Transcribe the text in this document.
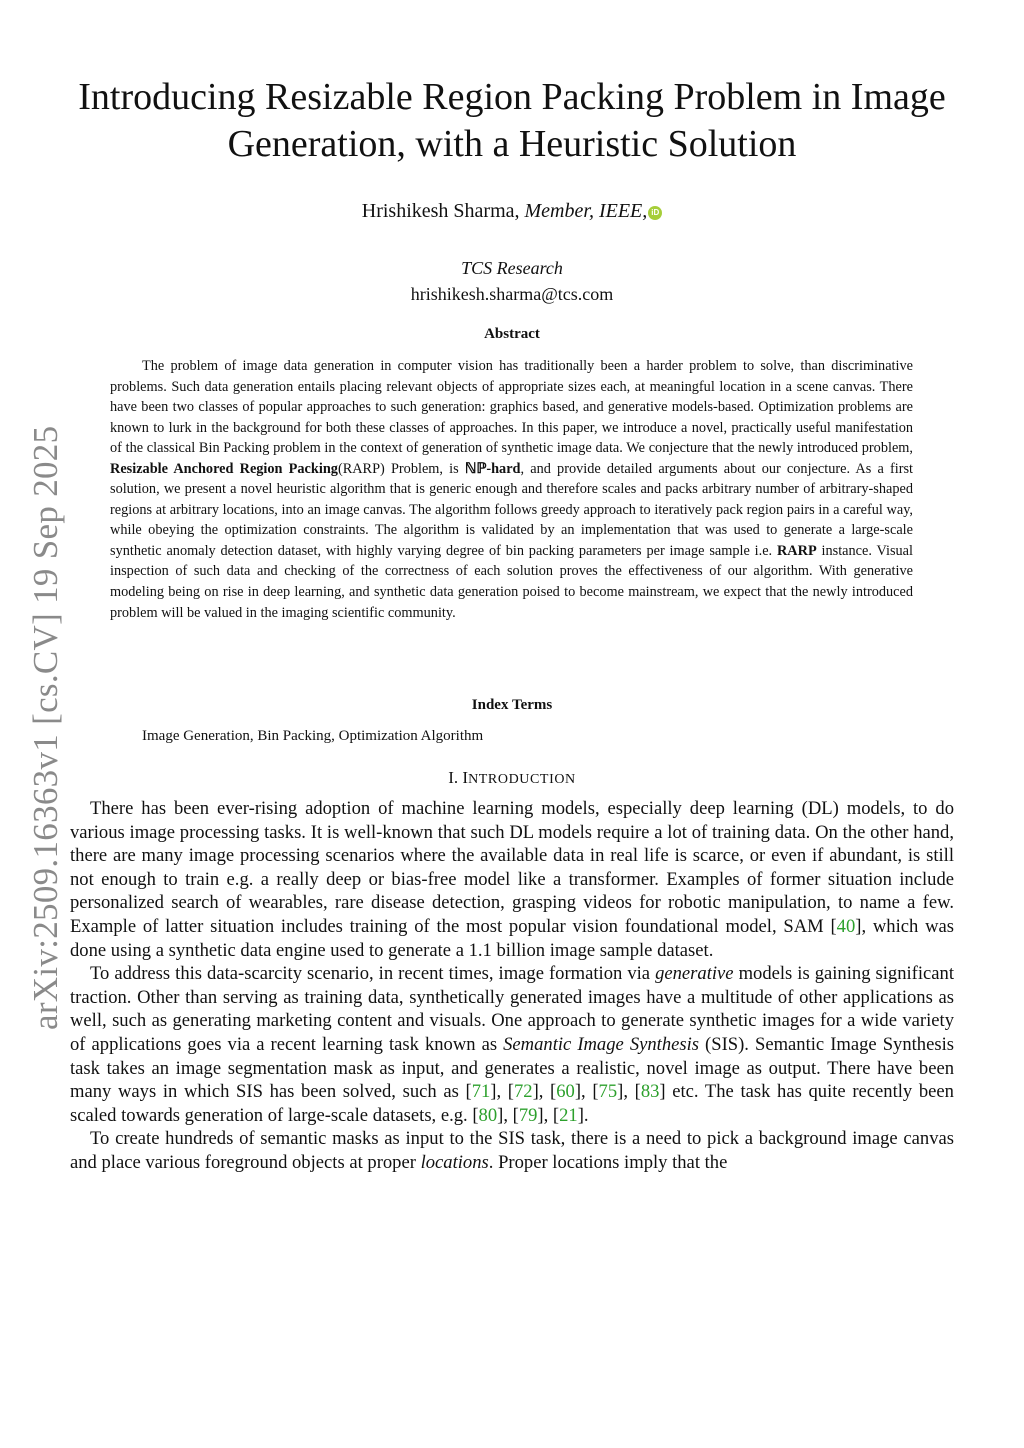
arXiv:2509.16363v1 [cs.CV] 19 Sep 2025
Introducing Resizable Region Packing Problem in Image Generation, with a Heuristic Solution
Hrishikesh Sharma, Member, IEEE, iD
TCS Research
hrishikesh.sharma@tcs.com
Abstract

The problem of image data generation in computer vision has traditionally been a harder problem to solve, than discriminative problems. Such data generation entails placing relevant objects of appropriate sizes each, at meaningful location in a scene canvas. There have been two classes of popular approaches to such generation: graphics based, and generative models-based. Optimization problems are known to lurk in the background for both these classes of approaches. In this paper, we introduce a novel, practically useful manifestation of the classical Bin Packing problem in the context of generation of synthetic image data. We conjecture that the newly introduced problem, Resizable Anchored Region Packing(RARP) Problem, is ℕℙ-hard, and provide detailed arguments about our conjecture. As a first solution, we present a novel heuristic algorithm that is generic enough and therefore scales and packs arbitrary number of arbitrary-shaped regions at arbitrary locations, into an image canvas. The algorithm follows greedy approach to iteratively pack region pairs in a careful way, while obeying the optimization constraints. The algorithm is validated by an implementation that was used to generate a large-scale synthetic anomaly detection dataset, with highly varying degree of bin packing parameters per image sample i.e. RARP instance. Visual inspection of such data and checking of the correctness of each solution proves the effectiveness of our algorithm. With generative modeling being on rise in deep learning, and synthetic data generation poised to become mainstream, we expect that the newly introduced problem will be valued in the imaging scientific community.

Index Terms
Image Generation, Bin Packing, Optimization Algorithm
I. INTRODUCTION

There has been ever-rising adoption of machine learning models, especially deep learning (DL) models, to do various image processing tasks. It is well-known that such DL models require a lot of training data. On the other hand, there are many image processing scenarios where the available data in real life is scarce, or even if abundant, is still not enough to train e.g. a really deep or bias-free model like a transformer. Examples of former situation include personalized search of wearables, rare disease detection, grasping videos for robotic manipulation, to name a few. Example of latter situation includes training of the most popular vision foundational model, SAM [40], which was done using a synthetic data engine used to generate a 1.1 billion image sample dataset.

To address this data-scarcity scenario, in recent times, image formation via generative models is gaining significant traction. Other than serving as training data, synthetically generated images have a multitude of other applications as well, such as generating marketing content and visuals. One approach to generate synthetic images for a wide variety of applications goes via a recent learning task known as Semantic Image Synthesis (SIS). Semantic Image Synthesis task takes an image segmentation mask as input, and generates a realistic, novel image as output. There have been many ways in which SIS has been solved, such as [71], [72], [60], [75], [83] etc. The task has quite recently been scaled towards generation of large-scale datasets, e.g. [80], [79], [21].

To create hundreds of semantic masks as input to the SIS task, there is a need to pick a background image canvas and place various foreground objects at proper locations. Proper locations imply that the
